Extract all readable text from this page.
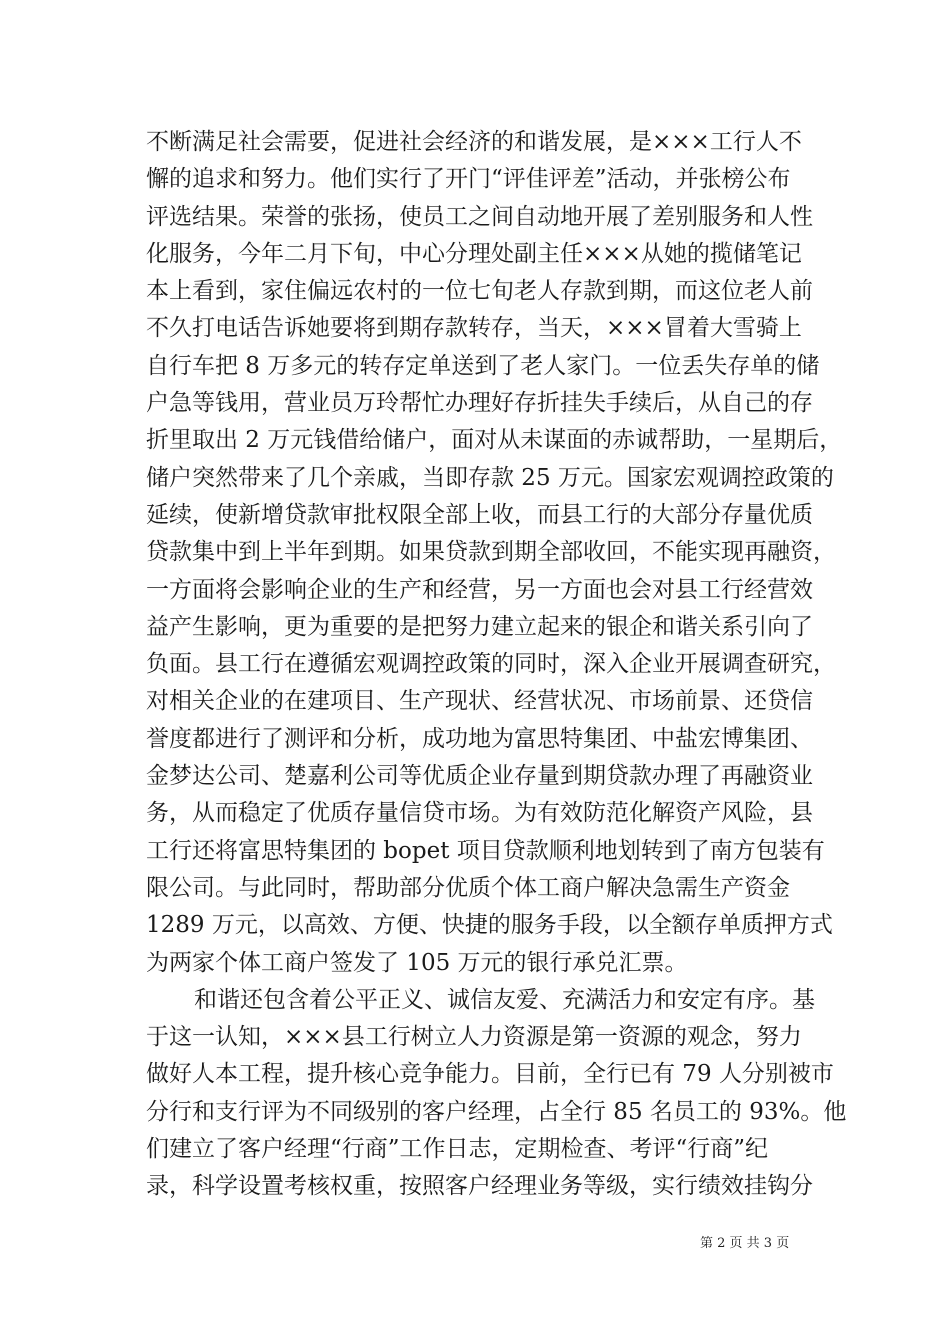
不断满足社会需要，促进社会经济的和谐发展，是×××工行人不
懈的追求和努力。他们实行了开门“评佳评差”活动，并张榜公布
评选结果。荣誉的张扬，使员工之间自动地开展了差别服务和人性
化服务，今年二月下旬，中心分理处副主任×××从她的揽储笔记
本上看到，家住偏远农村的一位七旬老人存款到期，而这位老人前
不久打电话告诉她要将到期存款转存，当天，×××冒着大雪骑上
自行车把 8 万多元的转存定单送到了老人家门。一位丢失存单的储
户急等钱用，营业员万玲帮忙办理好存折挂失手续后，从自己的存
折里取出 2 万元钱借给储户，面对从未谋面的赤诚帮助，一星期后，
储户突然带来了几个亲戚，当即存款 25 万元。国家宏观调控政策的
延续，使新增贷款审批权限全部上收，而县工行的大部分存量优质
贷款集中到上半年到期。如果贷款到期全部收回，不能实现再融资，
一方面将会影响企业的生产和经营，另一方面也会对县工行经营效
益产生影响，更为重要的是把努力建立起来的银企和谐关系引向了
负面。县工行在遵循宏观调控政策的同时，深入企业开展调查研究，
对相关企业的在建项目、生产现状、经营状况、市场前景、还贷信
誉度都进行了测评和分析，成功地为富思特集团、中盐宏博集团、
金梦达公司、楚嘉利公司等优质企业存量到期贷款办理了再融资业
务，从而稳定了优质存量信贷市场。为有效防范化解资产风险，县
工行还将富思特集团的 bopet 项目贷款顺利地划转到了南方包装有
限公司。与此同时，帮助部分优质个体工商户解决急需生产资金
1289 万元，以高效、方便、快捷的服务手段，以全额存单质押方式
为两家个体工商户签发了 105 万元的银行承兑汇票。
和谐还包含着公平正义、诚信友爱、充满活力和安定有序。基
于这一认知，×××县工行树立人力资源是第一资源的观念，努力
做好人本工程，提升核心竞争能力。目前，全行已有 79 人分别被市
分行和支行评为不同级别的客户经理，占全行 85 名员工的 93%。他
们建立了客户经理“行商”工作日志，定期检查、考评“行商”纪
录，科学设置考核权重，按照客户经理业务等级，实行绩效挂钩分
第 2 页 共 3 页
